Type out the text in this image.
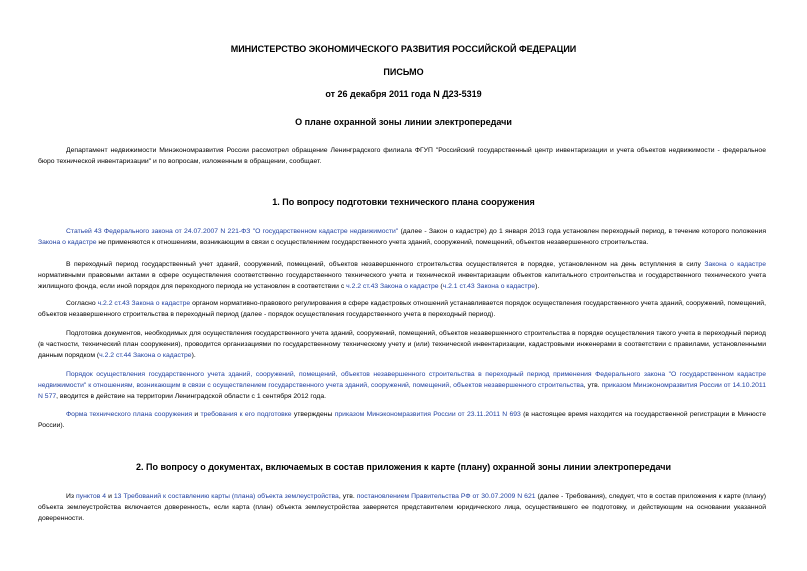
МИНИСТЕРСТВО ЭКОНОМИЧЕСКОГО РАЗВИТИЯ РОССИЙСКОЙ ФЕДЕРАЦИИ
ПИСЬМО
от 26 декабря 2011 года N Д23-5319
О плане охранной зоны линии электропередачи

Департамент недвижимости Минэкономразвития России рассмотрел обращение Ленинградского филиала ФГУП "Российский государственный центр инвентаризации и учета объектов недвижимости - федеральное бюро технической инвентаризации" и по вопросам, изложенным в обращении, сообщает.

1. По вопросу подготовки технического плана сооружения

Статьей 43 Федерального закона от 24.07.2007 N 221-ФЗ "О государственном кадастре недвижимости" (далее - Закон о кадастре) до 1 января 2013 года установлен переходный период, в течение которого положения Закона о кадастре не применяются к отношениям, возникающим в связи с осуществлением государственного учета зданий, сооружений, помещений, объектов незавершенного строительства.

В переходный период государственный учет зданий, сооружений, помещений, объектов незавершенного строительства осуществляется в порядке, установленном на день вступления в силу Закона о кадастре нормативными правовыми актами в сфере осуществления соответственно государственного технического учета и технической инвентаризации объектов капитального строительства и государственного технического учета жилищного фонда, если иной порядок для переходного периода не установлен в соответствии с ч.2.2 ст.43 Закона о кадастре (ч.2.1 ст.43 Закона о кадастре).

Согласно ч.2.2 ст.43 Закона о кадастре органом нормативно-правового регулирования в сфере кадастровых отношений устанавливается порядок осуществления государственного учета зданий, сооружений, помещений, объектов незавершенного строительства в переходный период (далее - порядок осуществления государственного учета в переходный период).

Подготовка документов, необходимых для осуществления государственного учета зданий, сооружений, помещений, объектов незавершенного строительства в порядке осуществления такого учета в переходный период (в частности, технический план сооружения), проводится организациями по государственному техническому учету и (или) технической инвентаризации, кадастровыми инженерами в соответствии с правилами, установленными данным порядком (ч.2.2 ст.44 Закона о кадастре).

Порядок осуществления государственного учета зданий, сооружений, помещений, объектов незавершенного строительства в переходный период применения Федерального закона "О государственном кадастре недвижимости" к отношениям, возникающим в связи с осуществлением государственного учета зданий, сооружений, помещений, объектов незавершенного строительства, утв. приказом Минэкономразвития России от 14.10.2011 N 577, вводится в действие на территории Ленинградской области с 1 сентября 2012 года.

Форма технического плана сооружения и требования к его подготовке утверждены приказом Минэкономразвития России от 23.11.2011 N 693 (в настоящее время находится на государственной регистрации в Минюсте России).

2. По вопросу о документах, включаемых в состав приложения к карте (плану) охранной зоны линии электропередачи

Из пунктов 4 и 13 Требований к составлению карты (плана) объекта землеустройства, утв. постановлением Правительства РФ от 30.07.2009 N 621 (далее - Требования), следует, что в состав приложения к карте (плану) объекта землеустройства включается доверенность, если карта (план) объекта землеустройства заверяется представителем юридического лица, осуществившего ее подготовку, и действующим на основании указанной доверенности.
